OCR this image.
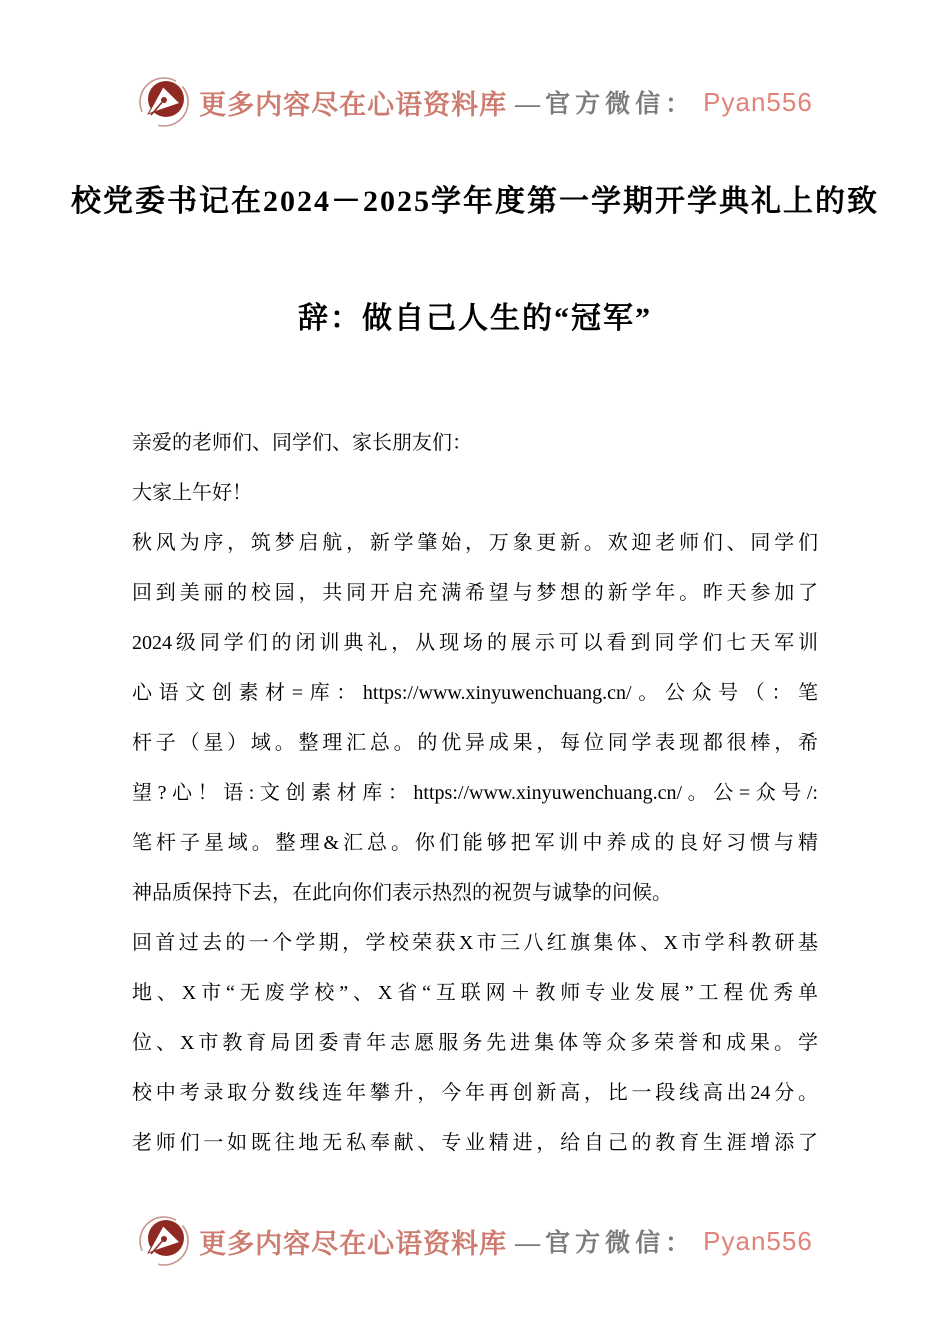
更多内容尽在心语资料库 —官方微信： Pyan556
校党委书记在2024－2025学年度第一学期开学典礼上的致
辞：做自己人生的“冠军”
亲爱的老师们、同学们、家长朋友们：
大家上午好！
秋风为序，筑梦启航，新学肇始，万象更新。欢迎老师们、同学们
回到美丽的校园，共同开启充满希望与梦想的新学年。昨天参加了
2024级同学们的闭训典礼，从现场的展示可以看到同学们七天军训
心语文创素材=库：https://www.xinyuwenchuang.cn/。公众号（：笔
杆子（星）域。整理汇总。的优异成果，每位同学表现都很棒，希
望?心！语:文创素材库：https://www.xinyuwenchuang.cn/。公=众号/:
笔杆子星域。整理&汇总。你们能够把军训中养成的良好习惯与精
神品质保持下去，在此向你们表示热烈的祝贺与诚挚的问候。
回首过去的一个学期，学校荣获X市三八红旗集体、X市学科教研基
地、X市“无废学校”、X省“互联网＋教师专业发展”工程优秀单
位、X市教育局团委青年志愿服务先进集体等众多荣誉和成果。学
校中考录取分数线连年攀升，今年再创新高，比一段线高出24分。
老师们一如既往地无私奉献、专业精进，给自己的教育生涯增添了
更多内容尽在心语资料库 —官方微信： Pyan556
